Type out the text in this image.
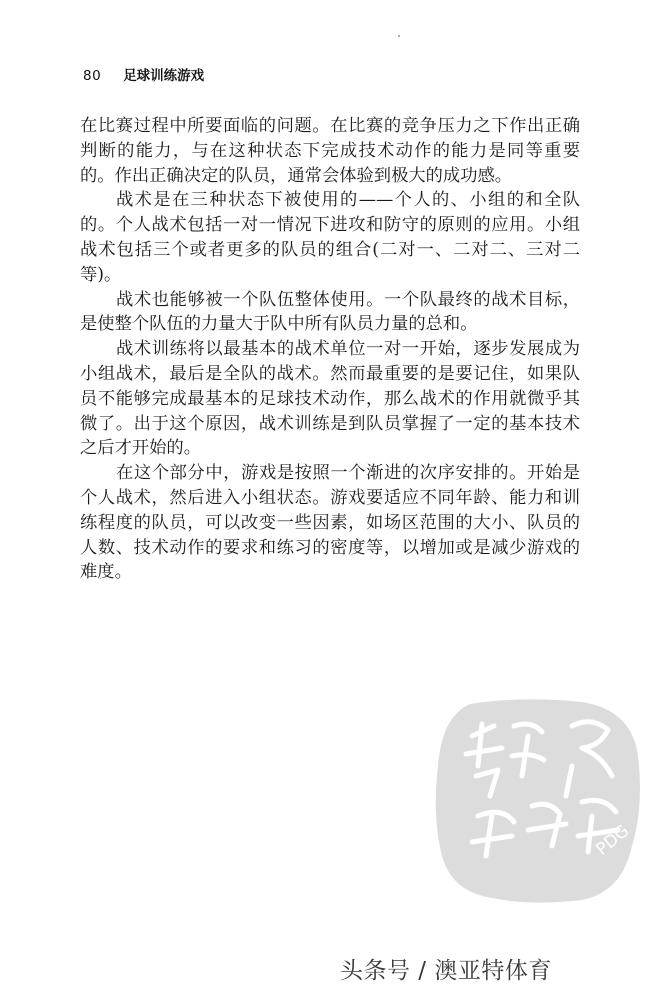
80 足球训练游戏

在比赛过程中所要面临的问题。在比赛的竞争压力之下作出正确判断的能力，与在这种状态下完成技术动作的能力是同等重要的。作出正确决定的队员，通常会体验到极大的成功感。

战术是在三种状态下被使用的——个人的、小组的和全队的。个人战术包括一对一情况下进攻和防守的原则的应用。小组战术包括三个或者更多的队员的组合(二对一、二对二、三对二等)。

战术也能够被一个队伍整体使用。一个队最终的战术目标，是使整个队伍的力量大于队中所有队员力量的总和。

战术训练将以最基本的战术单位一对一开始，逐步发展成为小组战术，最后是全队的战术。然而最重要的是要记住，如果队员不能够完成最基本的足球技术动作，那么战术的作用就微乎其微了。出于这个原因，战术训练是到队员掌握了一定的基本技术之后才开始的。

在这个部分中，游戏是按照一个渐进的次序安排的。开始是个人战术，然后进入小组状态。游戏要适应不同年龄、能力和训练程度的队员，可以改变一些因素，如场区范围的大小、队员的人数、技术动作的要求和练习的密度等，以增加或是减少游戏的难度。

PDG
头条号 / 澳亚特体育
